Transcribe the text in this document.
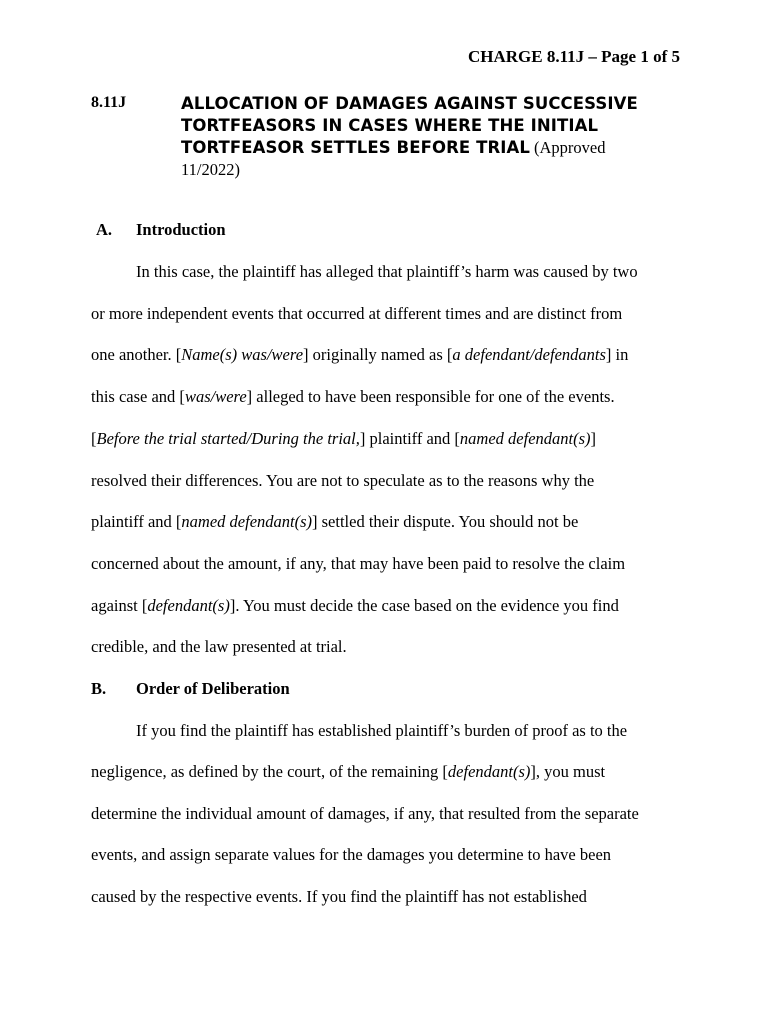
CHARGE 8.11J – Page 1 of 5
8.11J	ALLOCATION OF DAMAGES AGAINST SUCCESSIVE
TORTFEASORS IN CASES WHERE THE INITIAL
TORTFEASOR SETTLES BEFORE TRIAL (Approved
11/2022)
A. Introduction
In this case, the plaintiff has alleged that plaintiff’s harm was caused by two
or more independent events that occurred at different times and are distinct from
one another. [Name(s) was/were] originally named as [a defendant/defendants] in
this case and [was/were] alleged to have been responsible for one of the events.
[Before the trial started/During the trial,] plaintiff and [named defendant(s)]
resolved their differences. You are not to speculate as to the reasons why the
plaintiff and [named defendant(s)] settled their dispute. You should not be
concerned about the amount, if any, that may have been paid to resolve the claim
against [defendant(s)]. You must decide the case based on the evidence you find
credible, and the law presented at trial.
B. Order of Deliberation
If you find the plaintiff has established plaintiff’s burden of proof as to the
negligence, as defined by the court, of the remaining [defendant(s)], you must
determine the individual amount of damages, if any, that resulted from the separate
events, and assign separate values for the damages you determine to have been
caused by the respective events. If you find the plaintiff has not established
